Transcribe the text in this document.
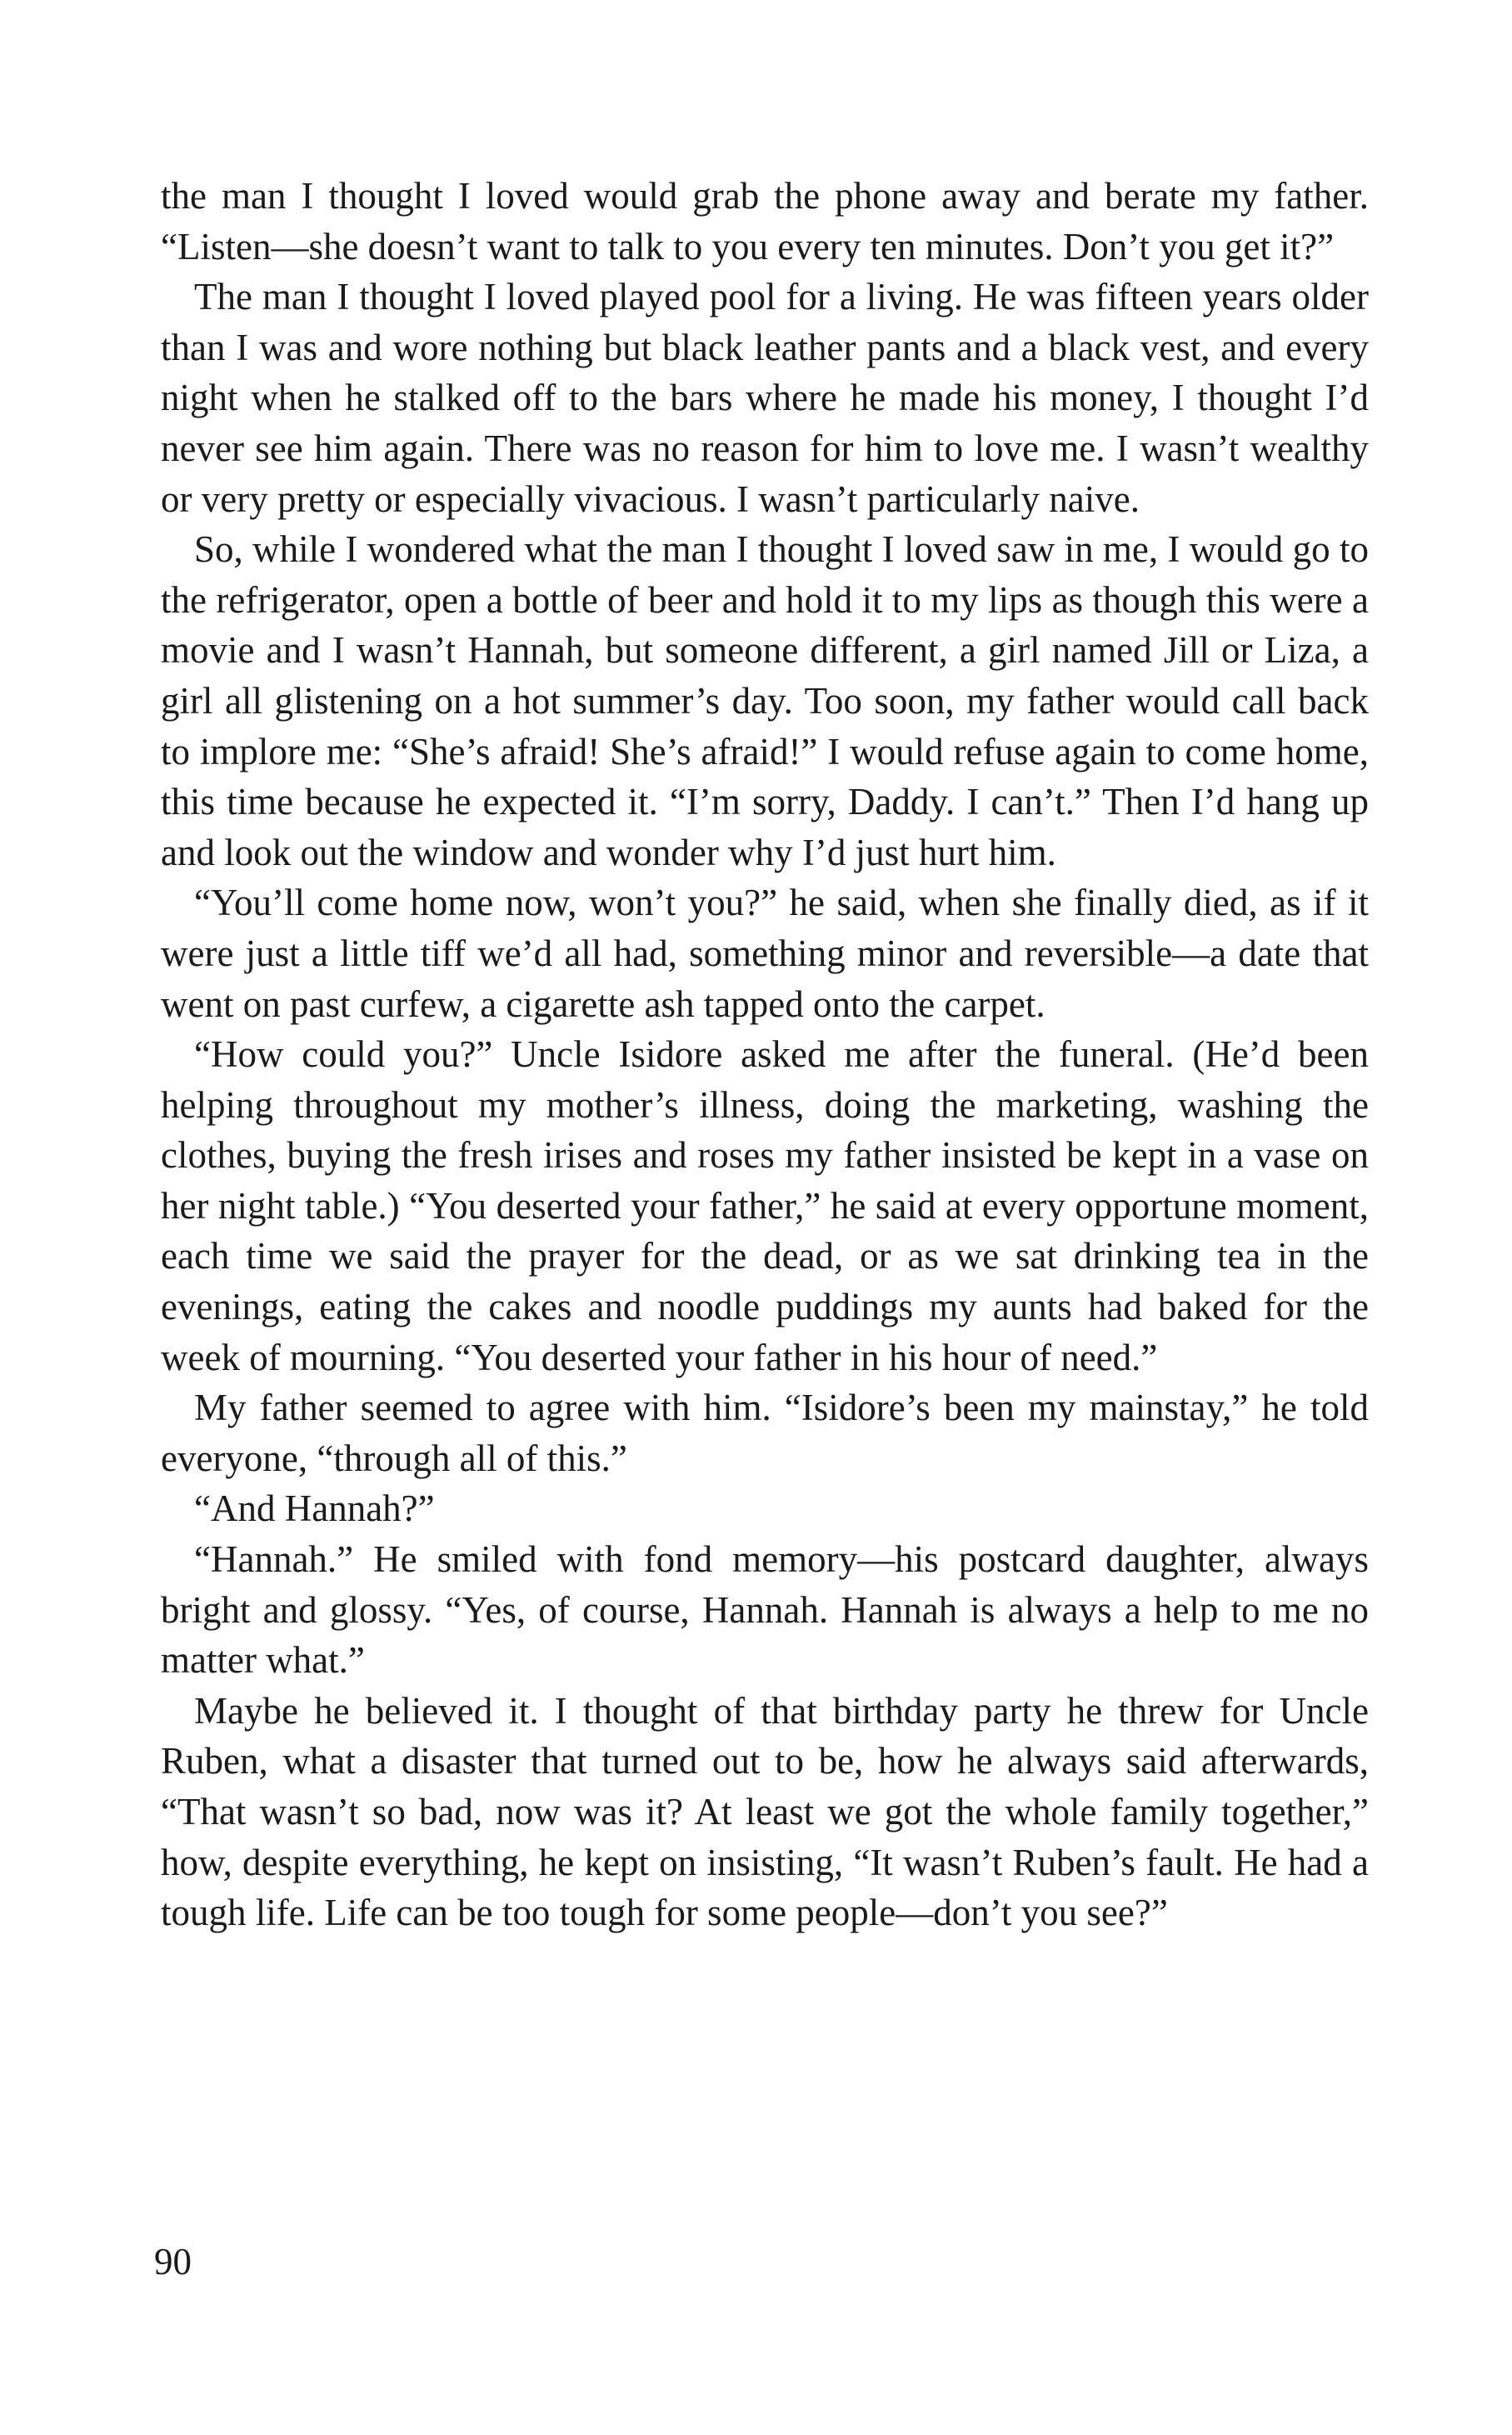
the man I thought I loved would grab the phone away and berate my father. “Listen—she doesn’t want to talk to you every ten minutes. Don’t you get it?”

The man I thought I loved played pool for a living. He was fifteen years older than I was and wore nothing but black leather pants and a black vest, and every night when he stalked off to the bars where he made his money, I thought I’d never see him again. There was no reason for him to love me. I wasn’t wealthy or very pretty or especially vivacious. I wasn’t particularly naive.

So, while I wondered what the man I thought I loved saw in me, I would go to the refrigerator, open a bottle of beer and hold it to my lips as though this were a movie and I wasn’t Hannah, but someone different, a girl named Jill or Liza, a girl all glistening on a hot summer’s day. Too soon, my father would call back to implore me: “She’s afraid! She’s afraid!” I would refuse again to come home, this time because he expected it. “I’m sorry, Daddy. I can’t.” Then I’d hang up and look out the window and wonder why I’d just hurt him.

“You’ll come home now, won’t you?” he said, when she finally died, as if it were just a little tiff we’d all had, something minor and reversible—a date that went on past curfew, a cigarette ash tapped onto the carpet.

“How could you?” Uncle Isidore asked me after the funeral. (He’d been helping throughout my mother’s illness, doing the marketing, washing the clothes, buying the fresh irises and roses my father insisted be kept in a vase on her night table.) “You deserted your father,” he said at every opportune moment, each time we said the prayer for the dead, or as we sat drinking tea in the evenings, eating the cakes and noodle puddings my aunts had baked for the week of mourning. “You deserted your father in his hour of need.”

My father seemed to agree with him. “Isidore’s been my mainstay,” he told everyone, “through all of this.”

“And Hannah?”

“Hannah.” He smiled with fond memory—his postcard daughter, always bright and glossy. “Yes, of course, Hannah. Hannah is always a help to me no matter what.”

Maybe he believed it. I thought of that birthday party he threw for Uncle Ruben, what a disaster that turned out to be, how he always said afterwards, “That wasn’t so bad, now was it? At least we got the whole family together,” how, despite everything, he kept on insisting, “It wasn’t Ruben’s fault. He had a tough life. Life can be too tough for some people—don’t you see?”

90
